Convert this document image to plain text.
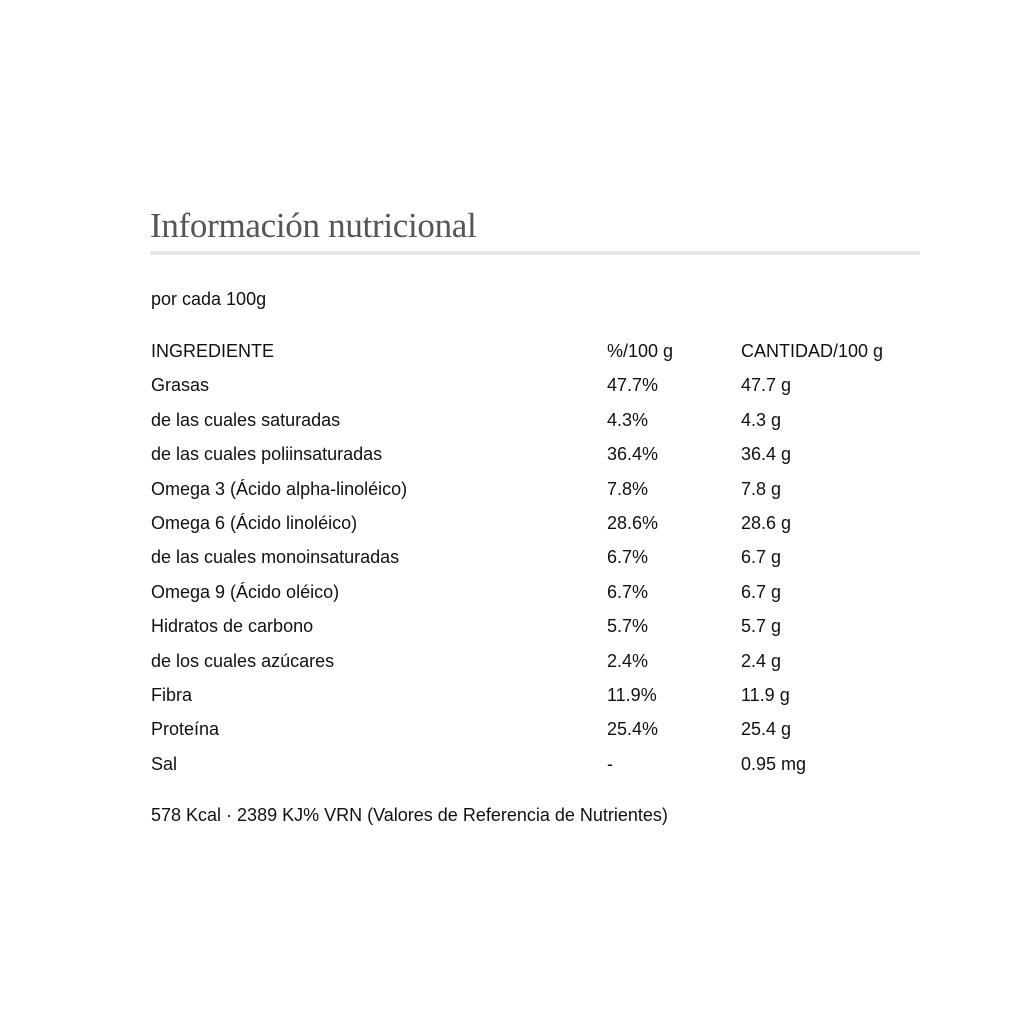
Información nutricional
por cada 100g
INGREDIENTE	%/100 g	CANTIDAD/100 g
Grasas	47.7%	47.7 g
de las cuales saturadas	4.3%	4.3 g
de las cuales poliinsaturadas	36.4%	36.4 g
Omega 3 (Ácido alpha-linoléico)	7.8%	7.8 g
Omega 6 (Ácido linoléico)	28.6%	28.6 g
de las cuales monoinsaturadas	6.7%	6.7 g
Omega 9 (Ácido oléico)	6.7%	6.7 g
Hidratos de carbono	5.7%	5.7 g
de los cuales azúcares	2.4%	2.4 g
Fibra	11.9%	11.9 g
Proteína	25.4%	25.4 g
Sal	-	0.95 mg
578 Kcal · 2389 KJ% VRN (Valores de Referencia de Nutrientes)
